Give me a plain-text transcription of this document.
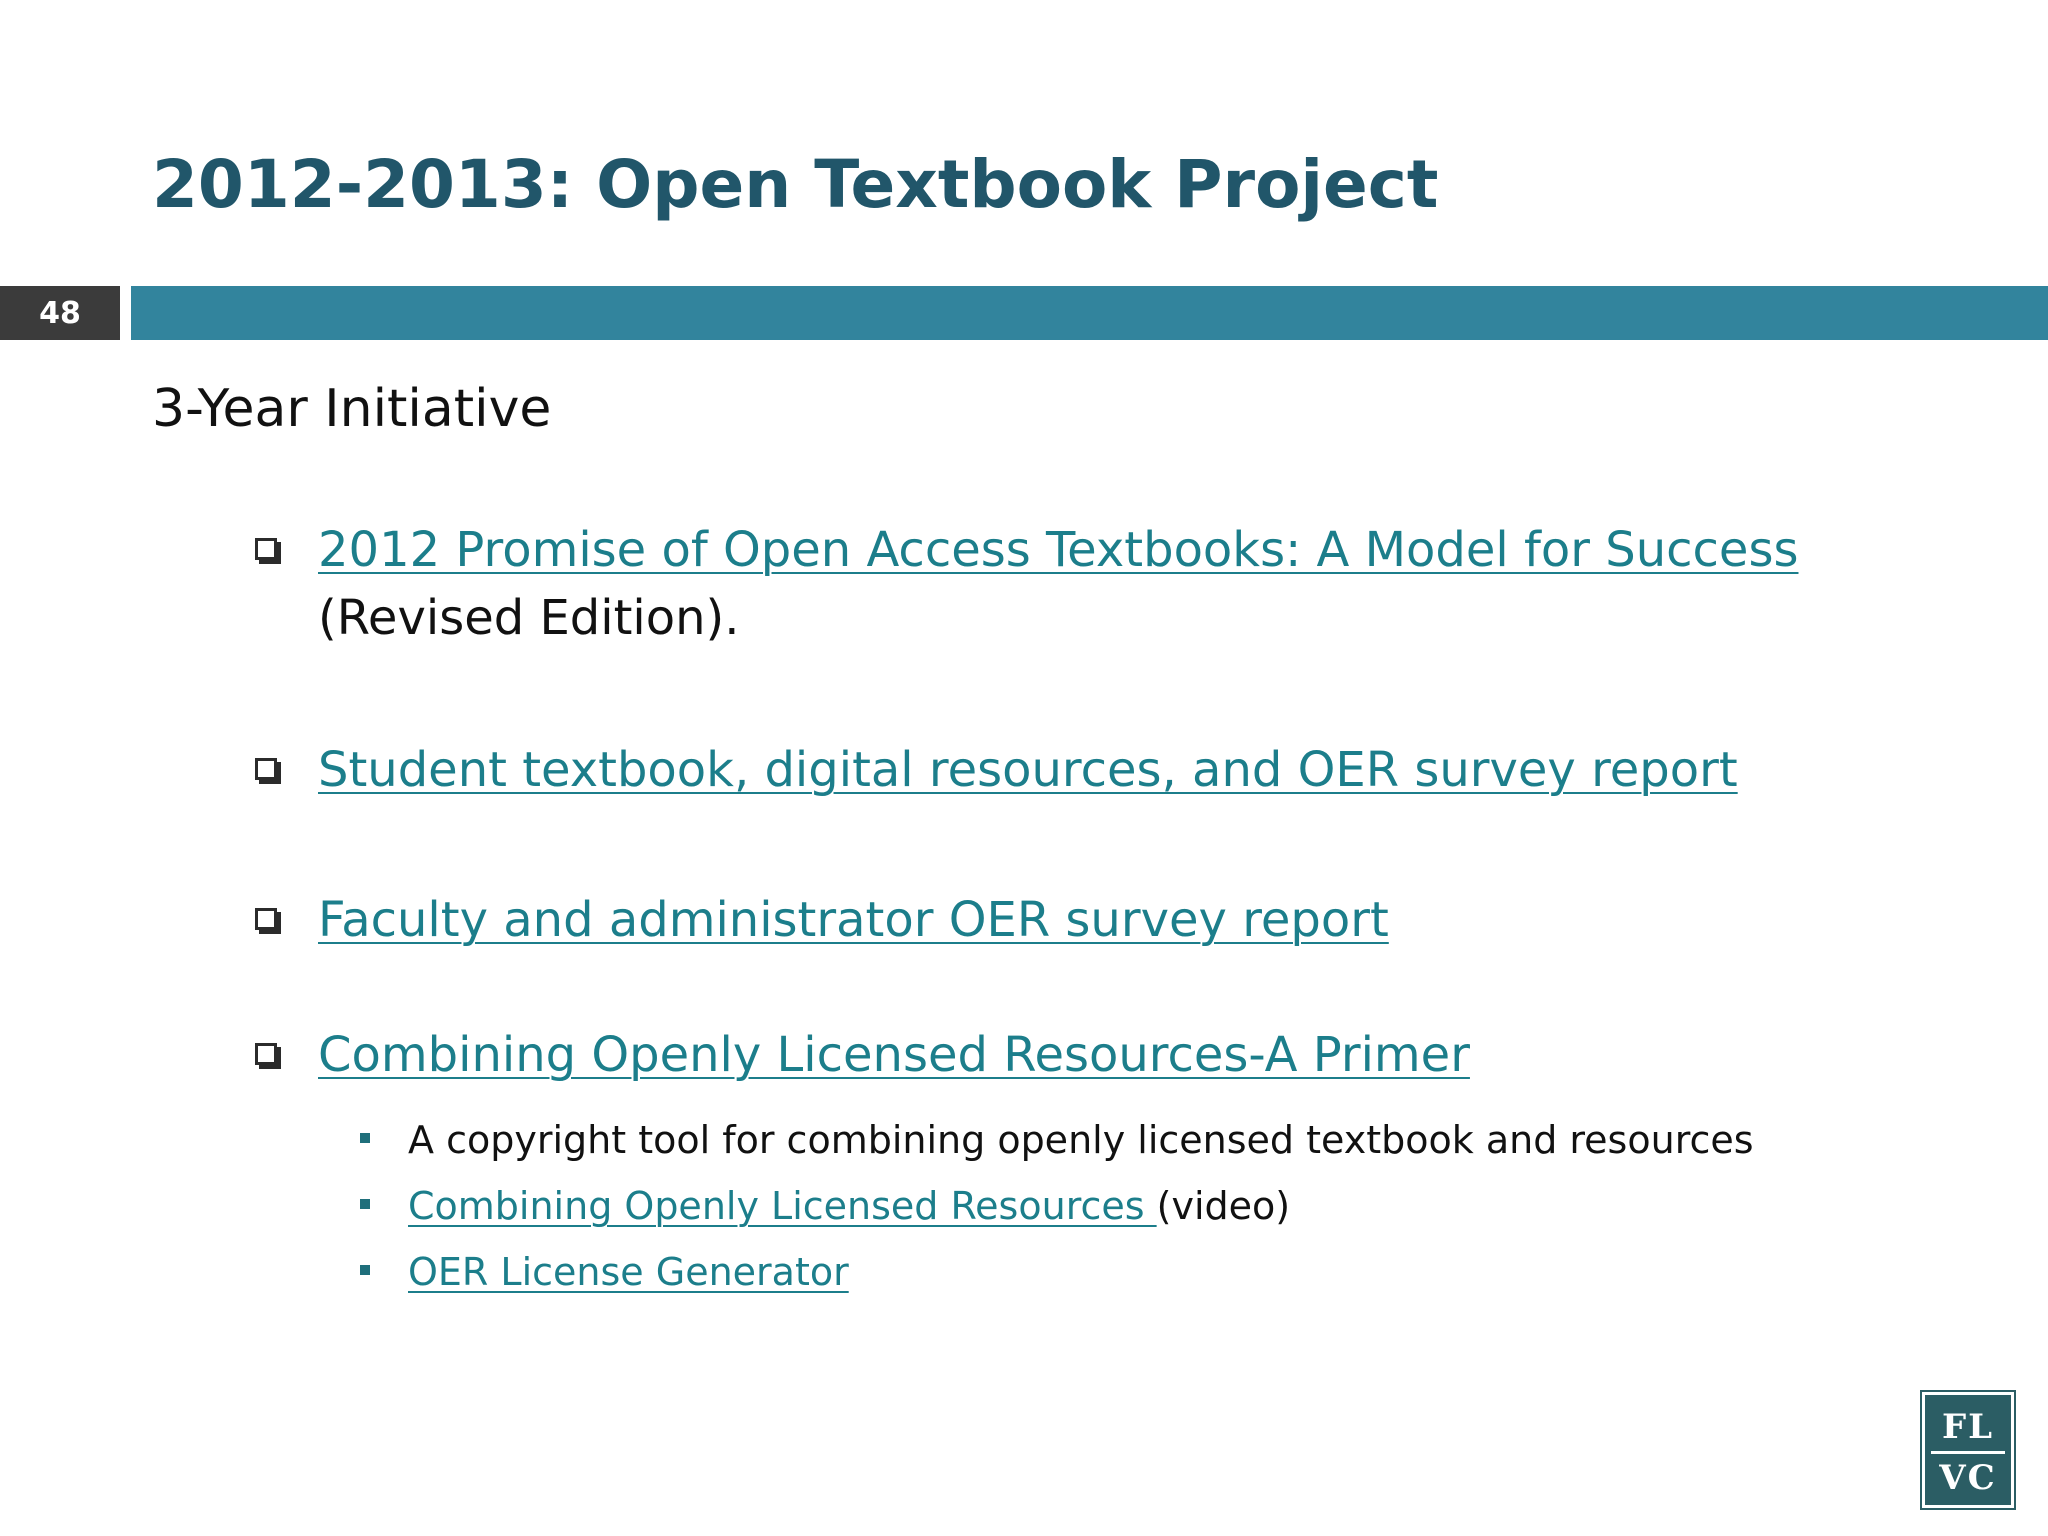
2012-2013: Open Textbook Project
48
3-Year Initiative
2012 Promise of Open Access Textbooks: A Model for Success
(Revised Edition).
Student textbook, digital resources, and OER survey report
Faculty and administrator OER survey report
Combining Openly Licensed Resources-A Primer
A copyright tool for combining openly licensed textbook and resources
Combining Openly Licensed Resources (video)
OER License Generator
FL
VC
